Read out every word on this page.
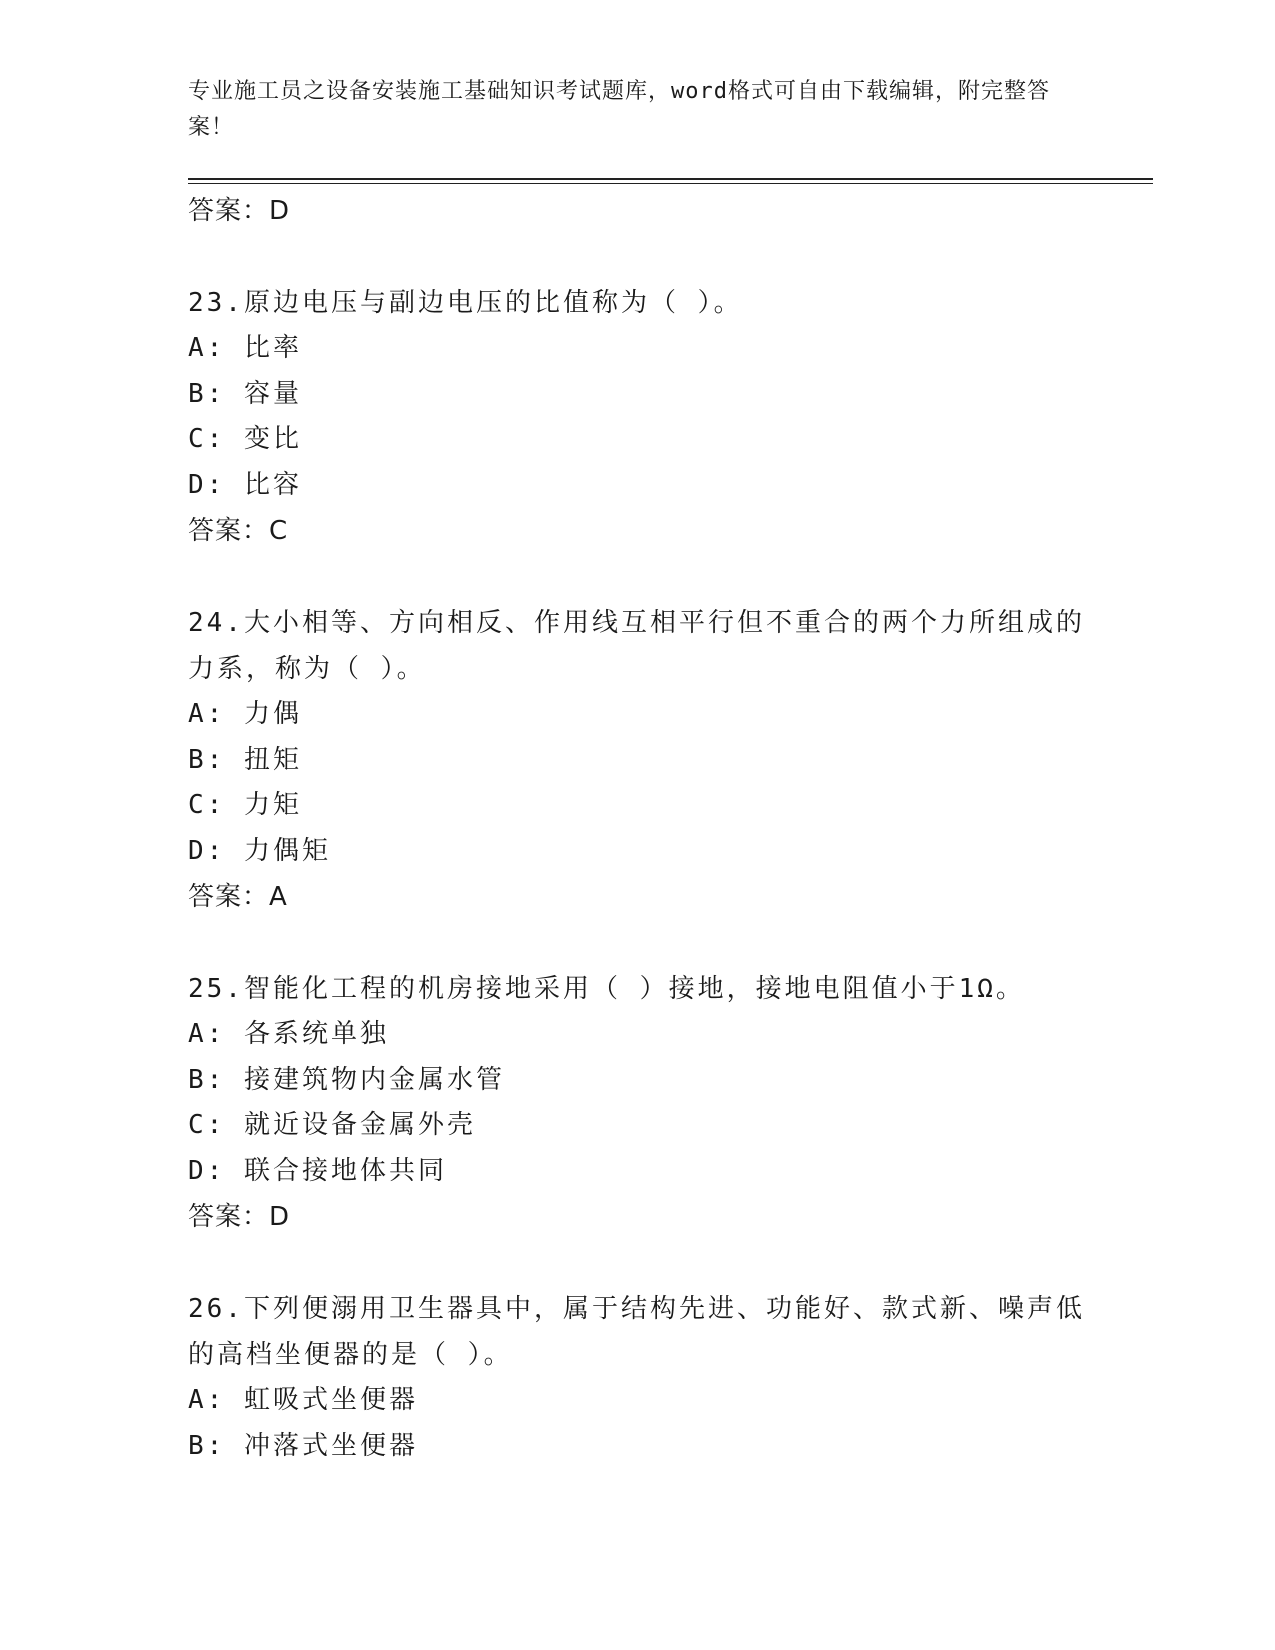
专业施工员之设备安装施工基础知识考试题库，word格式可自由下载编辑，附完整答案！
答案：D
23.原边电压与副边电压的比值称为（ ）。
A: 比率
B: 容量
C: 变比
D: 比容
答案：C
24.大小相等、方向相反、作用线互相平行但不重合的两个力所组成的力系，称为（ ）。
A: 力偶
B: 扭矩
C: 力矩
D: 力偶矩
答案：A
25.智能化工程的机房接地采用（ ）接地，接地电阻值小于1Ω。
A: 各系统单独
B: 接建筑物内金属水管
C: 就近设备金属外壳
D: 联合接地体共同
答案：D
26.下列便溺用卫生器具中，属于结构先进、功能好、款式新、噪声低的高档坐便器的是（ ）。
A: 虹吸式坐便器
B: 冲落式坐便器
